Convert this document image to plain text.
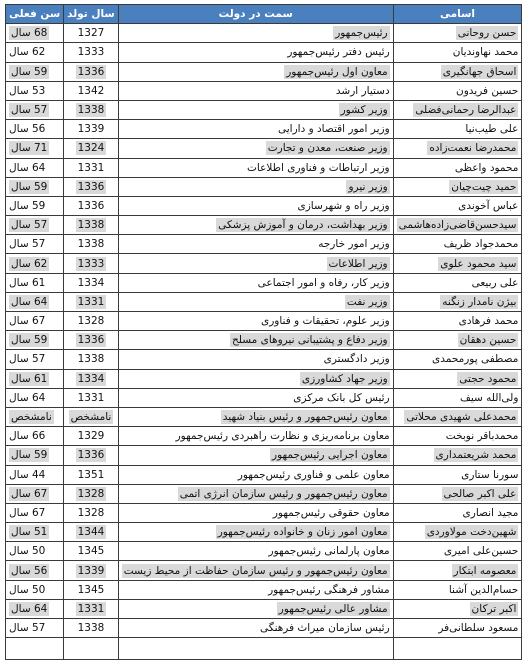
سن فعلی	سال تولد	سمت در دولت	اسامی
68 سال	1327	رئیس‌جمهور	حسن روحانی
62 سال	1333	رئیس دفتر رئیس‌جمهور	محمد نهاوندیان
59 سال	1336	معاون اول رئیس‌جمهور	اسحاق جهانگیری
53 سال	1342	دستیار ارشد	حسین فریدون
57 سال	1338	وزیر کشور	عبدالرضا رحمانی‌فضلی
56 سال	1339	وزیر امور اقتصاد و دارایی	علی طیب‌نیا
71 سال	1324	وزیر صنعت، معدن و تجارت	محمدرضا نعمت‌زاده
64 سال	1331	وزیر ارتباطات و فناوری اطلاعات	محمود واعظی
59 سال	1336	وزیر نیرو	حمید چیت‌چیان
59 سال	1336	وزیر راه و شهرسازی	عباس آخوندی
57 سال	1338	وزیر بهداشت، درمان و آموزش پزشکی	سیدحسن‌قاضی‌زاده‌هاشمی
57 سال	1338	وزیر امور خارجه	محمدجواد ظریف
62 سال	1333	وزیر اطلاعات	سید محمود علوی
61 سال	1334	وزیر کار، رفاه و امور اجتماعی	علی ربیعی
64 سال	1331	وزیر نفت	بیژن نامدار زنگنه
67 سال	1328	وزیر علوم، تحقیقات و فناوری	محمد فرهادی
59 سال	1336	وزیر دفاع و پشتیبانی نیروهای مسلح	حسین دهقان
57 سال	1338	وزیر دادگستری	مصطفی پورمحمدی
61 سال	1334	وزیر جهاد کشاورزی	محمود حجتی
64 سال	1331	رئیس کل بانک مرکزی	ولی‌الله سیف
نامشخص	نامشخص	معاون رئیس‌جمهور و رئیس بنیاد شهید	محمدعلی شهیدی محلاتی
66 سال	1329	معاون برنامه‌ریزی و نظارت راهبردی رئیس‌جمهور	محمدباقر نوبخت
59 سال	1336	معاون اجرایی رئیس‌جمهور	محمد شریعتمداری
44 سال	1351	معاون علمی و فناوری رئیس‌جمهور	سورنا ستاری
67 سال	1328	معاون رئیس‌جمهور و رئیس سازمان انرژی اتمی	علی اکبر صالحی
67 سال	1328	معاون حقوقی رئیس‌جمهور	مجید انصاری
51 سال	1344	معاون امور زنان و خانواده رئیس‌جمهور	شهین‌دخت مولاوردی
50 سال	1345	معاون پارلمانی رئیس‌جمهور	حسین‌علی امیری
56 سال	1339	معاون رئیس‌جمهور و رئیس سازمان حفاظت از محیط زیست	معصومه ابتکار
50 سال	1345	مشاور فرهنگی رئیس‌جمهور	حسام‌الدین آشنا
64 سال	1331	مشاور عالی رئیس‌جمهور	اکبر ترکان
57 سال	1338	رئیس سازمان میراث فرهنگی	مسعود سلطانی‌فر
